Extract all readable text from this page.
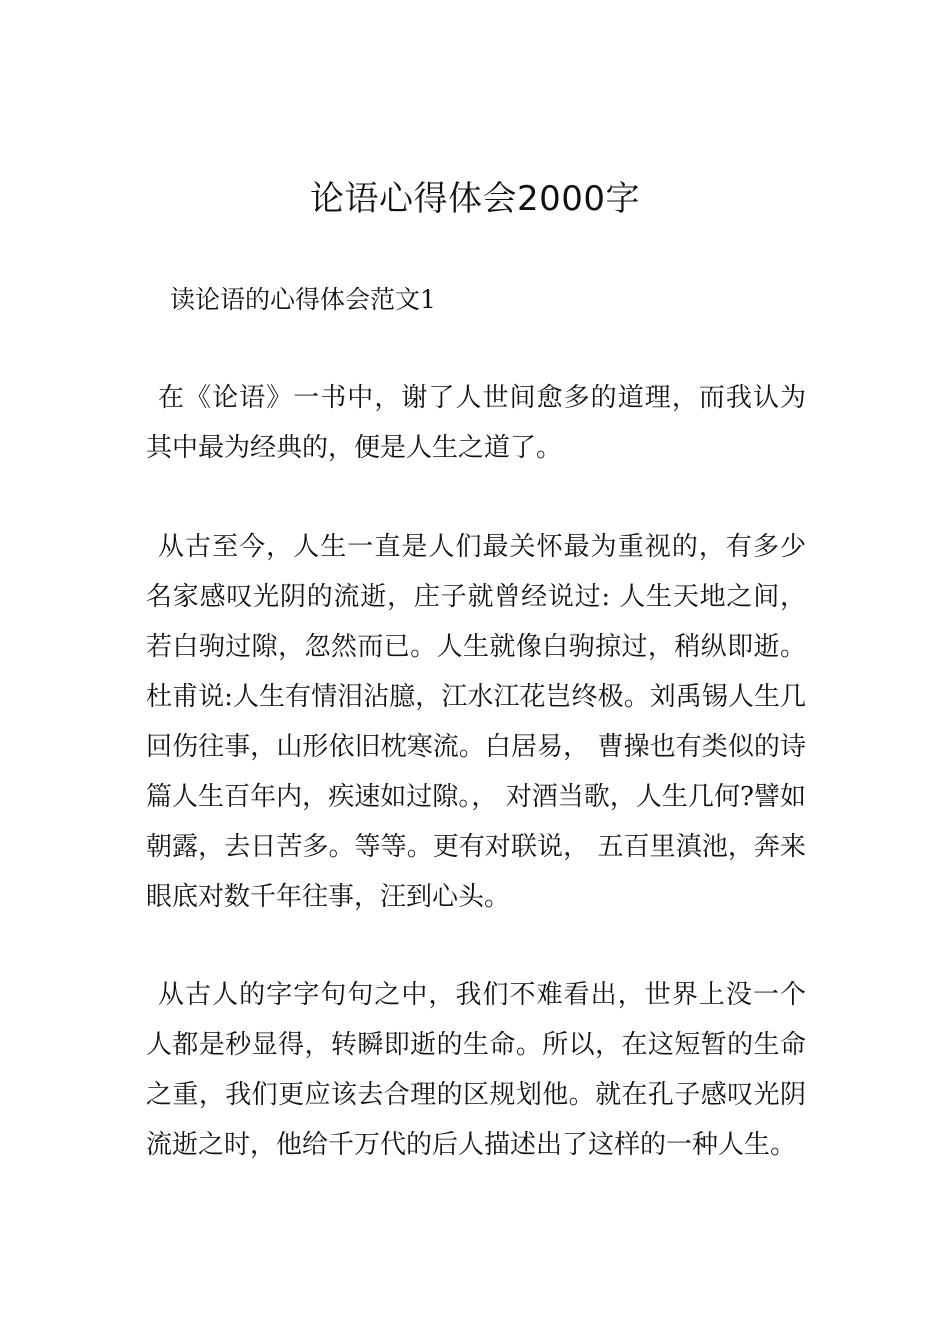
论语心得体会2000字

读论语的心得体会范文1

在《论语》一书中，谢了人世间愈多的道理，而我认为其中最为经典的，便是人生之道了。

从古至今，人生一直是人们最关怀最为重视的，有多少名家感叹光阴的流逝，庄子就曾经说过: 人生天地之间，若白驹过隙，忽然而已。人生就像白驹掠过，稍纵即逝。杜甫说:人生有情泪沾臆，江水江花岂终极。刘禹锡人生几回伤往事，山形依旧枕寒流。白居易， 曹操也有类似的诗篇人生百年内，疾速如过隙。， 对酒当歌，人生几何?譬如朝露，去日苦多。等等。更有对联说， 五百里滇池，奔来眼底对数千年往事，汪到心头。

从古人的字字句句之中，我们不难看出，世界上没一个人都是秒显得，转瞬即逝的生命。所以，在这短暂的生命之重，我们更应该去合理的区规划他。就在孔子感叹光阴流逝之时，他给千万代的后人描述出了这样的一种人生。
